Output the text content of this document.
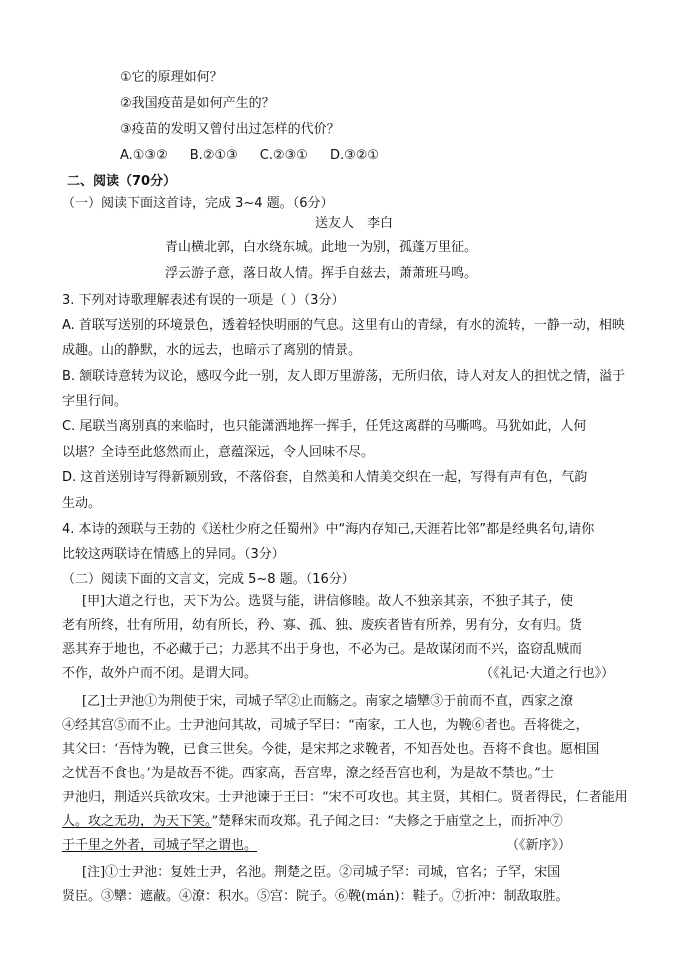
①它的原理如何？
②我国疫苗是如何产生的？
③疫苗的发明又曾付出过怎样的代价？
A.①③② B.②①③ C.②③① D.③②①
二、阅读（70分）
（一）阅读下面这首诗，完成 3~4 题。（6分）
送友人　李白
青山横北郭，白水绕东城。此地一为别，孤蓬万里征。
浮云游子意，落日故人情。挥手自兹去，萧萧班马鸣。
3. 下列对诗歌理解表述有误的一项是（ ）（3分）
A. 首联写送别的环境景色，透着轻快明丽的气息。这里有山的青绿，有水的流转，一静一动，相映
成趣。山的静默，水的远去，也暗示了离别的情景。
B. 颔联诗意转为议论，感叹今此一别，友人即万里游荡，无所归依，诗人对友人的担忧之情，溢于
字里行间。
C. 尾联当离别真的来临时，也只能潇洒地挥一挥手，任凭这离群的马嘶鸣。马犹如此，人何
以堪？全诗至此悠然而止，意蕴深远，令人回味不尽。
D. 这首送别诗写得新颖别致，不落俗套，自然美和人情美交织在一起，写得有声有色，气韵
生动。
4. 本诗的颈联与王勃的《送杜少府之任蜀州》中“海内存知己,天涯若比邻”都是经典名句,请你
比较这两联诗在情感上的异同。（3分）
（二）阅读下面的文言文，完成 5~8 题。（16分）
[甲]大道之行也，天下为公。选贤与能，讲信修睦。故人不独亲其亲，不独子其子，使
老有所终，壮有所用，幼有所长，矜、寡、孤、独、废疾者皆有所养，男有分，女有归。货
恶其弃于地也，不必藏于己；力恶其不出于身也，不必为己。是故谋闭而不兴，盗窃乱贼而
不作，故外户而不闭。是谓大同。	（《礼记·大道之行也》）
[乙]士尹池①为荆使于宋，司城子罕②止而觞之。南家之墙犫③于前而不直，西家之潦
④经其宫⑤而不止。士尹池问其故，司城子罕曰：“南家，工人也，为鞔⑥者也。吾将徙之，
其父曰：‘吾恃为鞔，已食三世矣。今徙，是宋邦之求鞔者，不知吾处也。吾将不食也。愿相国
之忧吾不食也。’为是故吾不徙。西家高，吾宫卑，潦之经吾宫也利，为是故不禁也。”士
尹池归，荆适兴兵欲攻宋。士尹池谏于王曰：“宋不可攻也。其主贤，其相仁。贤者得民，仁者能用
人。攻之无功，为天下笑。”楚释宋而攻郑。孔子闻之曰：“夫修之于庙堂之上，而折冲⑦
于千里之外者，司城子罕之谓也。	（《新序》）
[注]①士尹池：复姓士尹，名池。荆楚之臣。②司城子罕：司城，官名；子罕，宋国
贤臣。③犫：遮蔽。④潦：积水。⑤宫：院子。⑥鞔(mán)：鞋子。⑦折冲：制敌取胜。
